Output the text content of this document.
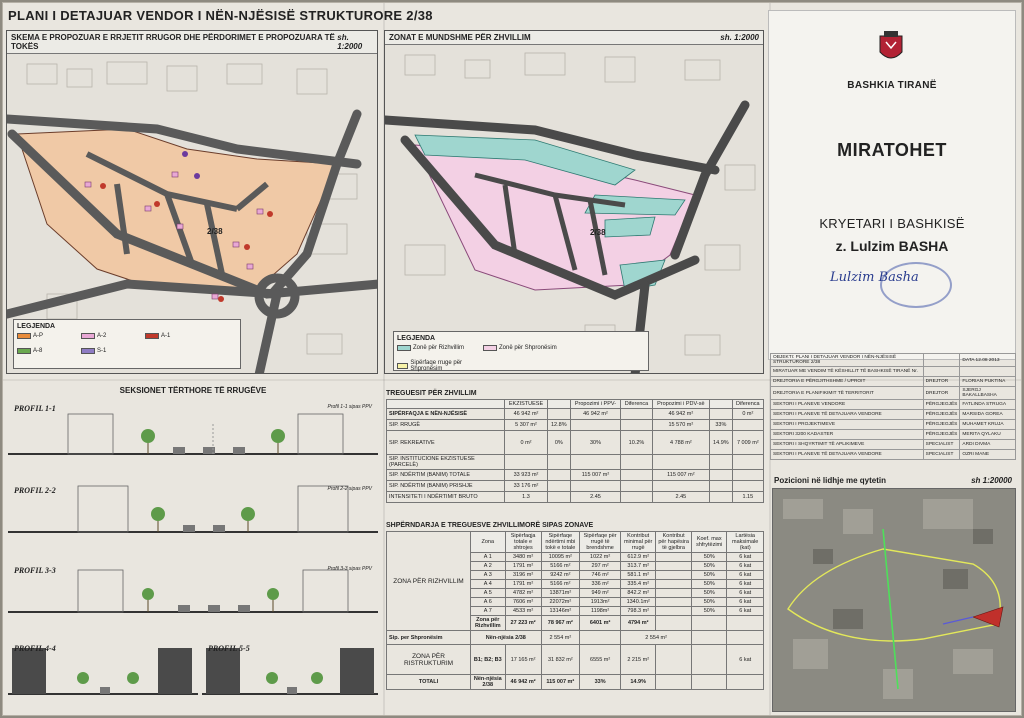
PLANI I DETAJUAR VENDOR I NËN-NJËSISË STRUKTURORE 2/38
SKEMA E PROPOZUAR E RRJETIT RRUGOR DHE PËRDORIMET E PROPOZUARA TË TOKËS
sh. 1:2000
2/38
LEGJENDA
A-P	A-2	A-1
A-8	S-1
ZONAT E MUNDSHME PËR ZHVILLIM	sh. 1:2000
2/38
LEGJENDA
Zonë për Rizhvillim	Zonë për Shpronësim
Sipërfaqe rruge për Shpronësim
SEKSIONET TËRTHORE TË RRUGËVE
PROFIL 1-1	Profil 1-1 sipas PPV
PROFIL 2-2	Profil 2-2 sipas PPV
PROFIL 3-3	Profil 3-3 sipas PPV
PROFIL 4-4	PROFIL 5-5
TREGUESIT PËR ZHVILLIM
	EKZISTUESE		Propozimi i PPV-	Diferenca	Propozimi i PDV-së		Diferenca
SIPËRFAQJA E NËN-NJËSISË	46 942 m²		46 942 m²		46 942 m²		0 m²
SIP. RRUGË	5 307 m²	12.8%			15 570 m²	33%	
SIP. REKREATIVE	0 m²	0%	30%	10.2%	4 788 m²	14.9%	7 009 m²
SIP. INSTITUCIONE EKZISTUESE (PARCELË)							
SIP. NDËRTIM (BANIM) TOTALE	33 923 m²		115 007 m²		115 007 m²		
SIP. NDËRTIM (BANIM) PRISHJE	33 176 m²						
INTENSITETI I NDËRTIMIT BRUTO	1.3		2.45		2.45		1.15
SHPËRNDARJA E TREGUESVE ZHVILLIMORË SIPAS ZONAVE
ZONA PËR RIZHVILLIM	Zona	Sipërfaqja totale e shtrojes	Sipërfaqe ndërtimi mbi tokë e totale	Sipërfaqe për rrugë të brendshme	Kontribut minimal për rrugë	Kontribut për hapësira të gjelbra	Koef. max shfrytëzimi	Lartësia maksimale (kat)
	A 1	3480 m²	10095 m²	1022 m²	612.9 m²		50%	6 kat
	A 2	1791 m²	5166 m²	297 m²	313.7 m²		50%	6 kat
	A 3	3196 m²	9242 m²	746 m²	581.1 m²		50%	6 kat
	A 4	1791 m²	5166 m²	336 m²	335.4 m²		50%	6 kat
	A 5	4782 m²	13871m²	949 m²	842.2 m²		50%	6 kat
	A 6	7606 m²	22072m²	1913m²	1340.1m²		50%	6 kat
	A 7	4533 m²	13146m²	1198m²	798.3 m²		50%	6 kat
	Zona për Rizhvillim	27 223 m²	78 967 m²	6401 m²	4794 m²			
Sip. per Shpronësim	Nën-njësia 2/38		2 554 m²		2 554 m²			
ZONA PËR RISTRUKTURIM	B1; B2; B3	17 165 m²	31 832 m²	6555 m²	2 215 m²			6 kat
TOTALI	Nën-njësia 2/38	46 942 m²	115 007 m²	33%	14.9%			
BASHKIA TIRANË
MIRATOHET
KRYETARI I BASHKISË
z. Lulzim BASHA
Lulzim Basha
OBJEKTI: PLANI I DETAJUAR VENDOR I NËN-NJËSISË STRUKTURORE 2/38		DATA 12.08 2013
MIRATUAR ME VENDIM TË KËSHILLIT TË BASHKISË TIRANË Nr.		
DREJTORIA E PËRGJITHSHME / UPROIT	DREJTOR	FLORIAN PUKTINA
DREJTORIA E PLANIFIKIMIT TË TERRITORIT	DREJTOR	SJERGJ BAKALLBASHA
SEKTORI I PLANEVE VENDORE	PËRGJEGJËS	FATLINDA STRUGA
SEKTORI I PLANEVE TË DETAJUARA VENDORE	PËRGJEGJËS	MARSIDA GOREA
SEKTORI I PROJEKTIMEVE	PËRGJEGJËS	MUHAMET KRUJA
SEKTORI 3200 KADASTER	PËRGJEGJËS	MERITA QYLAKU
SEKTORI I SHQYRTIMIT TË APLIKIMEVE	SPECIALIST	ARDI DIVMA
SEKTORI I PLANEVE TË DETAJUARA VENDORE	SPECIALIST	OZRI MANE
Pozicioni në lidhje me qytetin	sh 1:20000
